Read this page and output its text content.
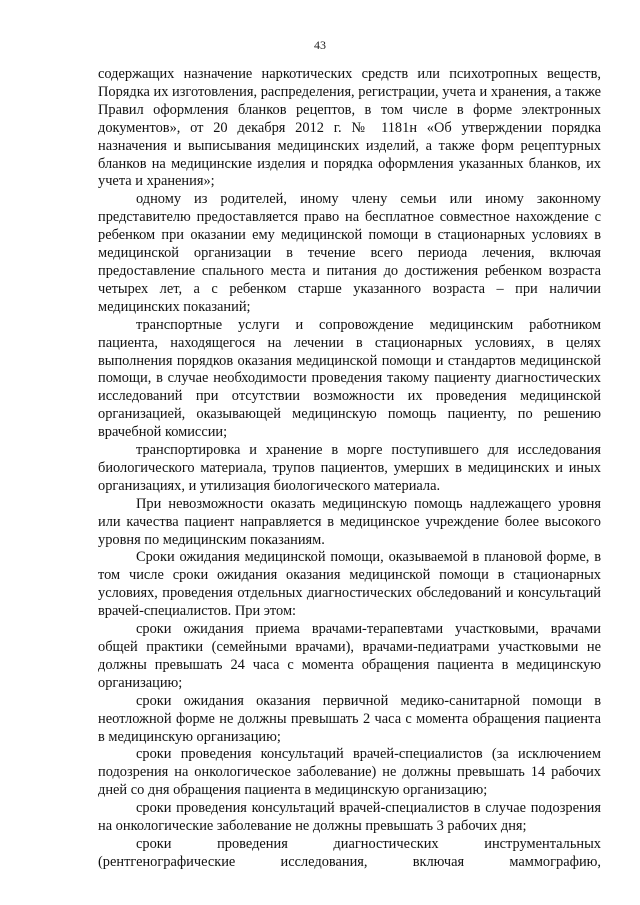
43

содержащих назначение наркотических средств или психотропных веществ, Порядка их изготовления, распределения, регистрации, учета и хранения, а также Правил оформления бланков рецептов, в том числе в форме электронных документов», от 20 декабря 2012 г. № 1181н «Об утверждении порядка назначения и выписывания медицинских изделий, а также форм рецептурных бланков на медицинские изделия и порядка оформления указанных бланков, их учета и хранения»;

одному из родителей, иному члену семьи или иному законному представителю предоставляется право на бесплатное совместное нахождение с ребенком при оказании ему медицинской помощи в стационарных условиях в медицинской организации в течение всего периода лечения, включая предоставление спального места и питания до достижения ребенком возраста четырех лет, а с ребенком старше указанного возраста – при наличии медицинских показаний;

транспортные услуги и сопровождение медицинским работником пациента, находящегося на лечении в стационарных условиях, в целях выполнения порядков оказания медицинской помощи и стандартов медицинской помощи, в случае необходимости проведения такому пациенту диагностических исследований при отсутствии возможности их проведения медицинской организацией, оказывающей медицинскую помощь пациенту, по решению врачебной комиссии;

транспортировка и хранение в морге поступившего для исследования биологического материала, трупов пациентов, умерших в медицинских и иных организациях, и утилизация биологического материала.

При невозможности оказать медицинскую помощь надлежащего уровня или качества пациент направляется в медицинское учреждение более высокого уровня по медицинским показаниям.

Сроки ожидания медицинской помощи, оказываемой в плановой форме, в том числе сроки ожидания оказания медицинской помощи в стационарных условиях, проведения отдельных диагностических обследований и консультаций врачей-специалистов. При этом:

сроки ожидания приема врачами-терапевтами участковыми, врачами общей практики (семейными врачами), врачами-педиатрами участковыми не должны превышать 24 часа с момента обращения пациента в медицинскую организацию;

сроки ожидания оказания первичной медико-санитарной помощи в неотложной форме не должны превышать 2 часа с момента обращения пациента в медицинскую организацию;

сроки проведения консультаций врачей-специалистов (за исключением подозрения на онкологическое заболевание) не должны превышать 14 рабочих дней со дня обращения пациента в медицинскую организацию;

сроки проведения консультаций врачей-специалистов в случае подозрения на онкологические заболевание не должны превышать 3 рабочих дня;

сроки проведения диагностических инструментальных (рентгенографические исследования, включая маммографию,
